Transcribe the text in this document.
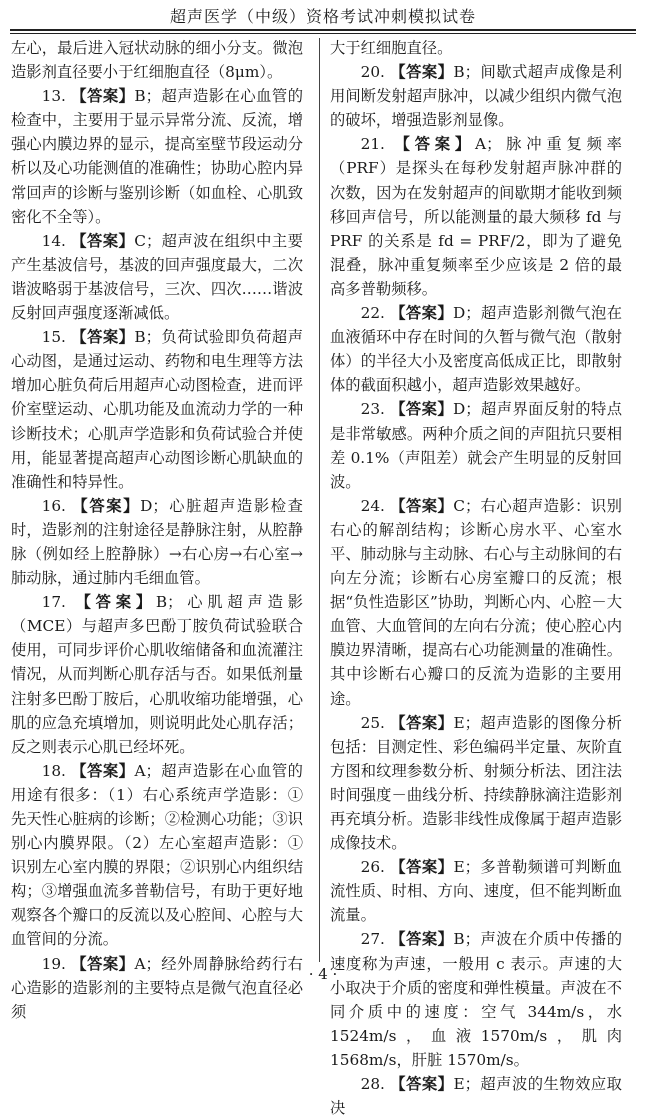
超声医学（中级）资格考试冲刺模拟试卷

左心，最后进入冠状动脉的细小分支。微泡造影剂直径要小于红细胞直径（8μm）。

13. 【答案】B；超声造影在心血管的检查中，主要用于显示异常分流、反流，增强心内膜边界的显示，提高室壁节段运动分析以及心功能测值的准确性；协助心腔内异常回声的诊断与鉴别诊断（如血栓、心肌致密化不全等）。

14. 【答案】C；超声波在组织中主要产生基波信号，基波的回声强度最大，二次谐波略弱于基波信号，三次、四次……谐波反射回声强度逐渐减低。

15. 【答案】B；负荷试验即负荷超声心动图，是通过运动、药物和电生理等方法增加心脏负荷后用超声心动图检查，进而评价室壁运动、心肌功能及血流动力学的一种诊断技术；心肌声学造影和负荷试验合并使用，能显著提高超声心动图诊断心肌缺血的准确性和特异性。

16. 【答案】D；心脏超声造影检查时，造影剂的注射途径是静脉注射，从腔静脉（例如经上腔静脉）→右心房→右心室→肺动脉，通过肺内毛细血管。

17. 【答案】B；心肌超声造影（MCE）与超声多巴酚丁胺负荷试验联合使用，可同步评价心肌收缩储备和血流灌注情况，从而判断心肌存活与否。如果低剂量注射多巴酚丁胺后，心肌收缩功能增强，心肌的应急充填增加，则说明此处心肌存活；反之则表示心肌已经坏死。

18. 【答案】A；超声造影在心血管的用途有很多：（1）右心系统声学造影：①先天性心脏病的诊断；②检测心功能；③识别心内膜界限。（2）左心室超声造影：①识别左心室内膜的界限；②识别心内组织结构；③增强血流多普勒信号，有助于更好地观察各个瓣口的反流以及心腔间、心腔与大血管间的分流。

19. 【答案】A；经外周静脉给药行右心造影的造影剂的主要特点是微气泡直径必须

大于红细胞直径。

20. 【答案】B；间歇式超声成像是利用间断发射超声脉冲，以减少组织内微气泡的破坏，增强造影剂显像。

21. 【答案】A；脉冲重复频率（PRF）是探头在每秒发射超声脉冲群的次数，因为在发射超声的间歇期才能收到频移回声信号，所以能测量的最大频移 fd 与 PRF 的关系是 fd = PRF/2，即为了避免混叠，脉冲重复频率至少应该是 2 倍的最高多普勒频移。

22. 【答案】D；超声造影剂微气泡在血液循环中存在时间的久暂与微气泡（散射体）的半径大小及密度高低成正比，即散射体的截面积越小，超声造影效果越好。

23. 【答案】D；超声界面反射的特点是非常敏感。两种介质之间的声阻抗只要相差 0.1%（声阻差）就会产生明显的反射回波。

24. 【答案】C；右心超声造影：识别右心的解剖结构；诊断心房水平、心室水平、肺动脉与主动脉、右心与主动脉间的右向左分流；诊断右心房室瓣口的反流；根据“负性造影区”协助，判断心内、心腔－大血管、大血管间的左向右分流；使心腔心内膜边界清晰，提高右心功能测量的准确性。其中诊断右心瓣口的反流为造影的主要用途。

25. 【答案】E；超声造影的图像分析包括：目测定性、彩色编码半定量、灰阶直方图和纹理参数分析、射频分析法、团注法时间强度－曲线分析、持续静脉滴注造影剂再充填分析。造影非线性成像属于超声造影成像技术。

26. 【答案】E；多普勒频谱可判断血流性质、时相、方向、速度，但不能判断血流量。

27. 【答案】B；声波在介质中传播的速度称为声速，一般用 c 表示。声速的大小取决于介质的密度和弹性模量。声波在不同介质中的速度：空气 344m/s，水 1524m/s，血液1570m/s，肌肉 1568m/s，肝脏 1570m/s。

28. 【答案】E；超声波的生物效应取决

· 4 ·
